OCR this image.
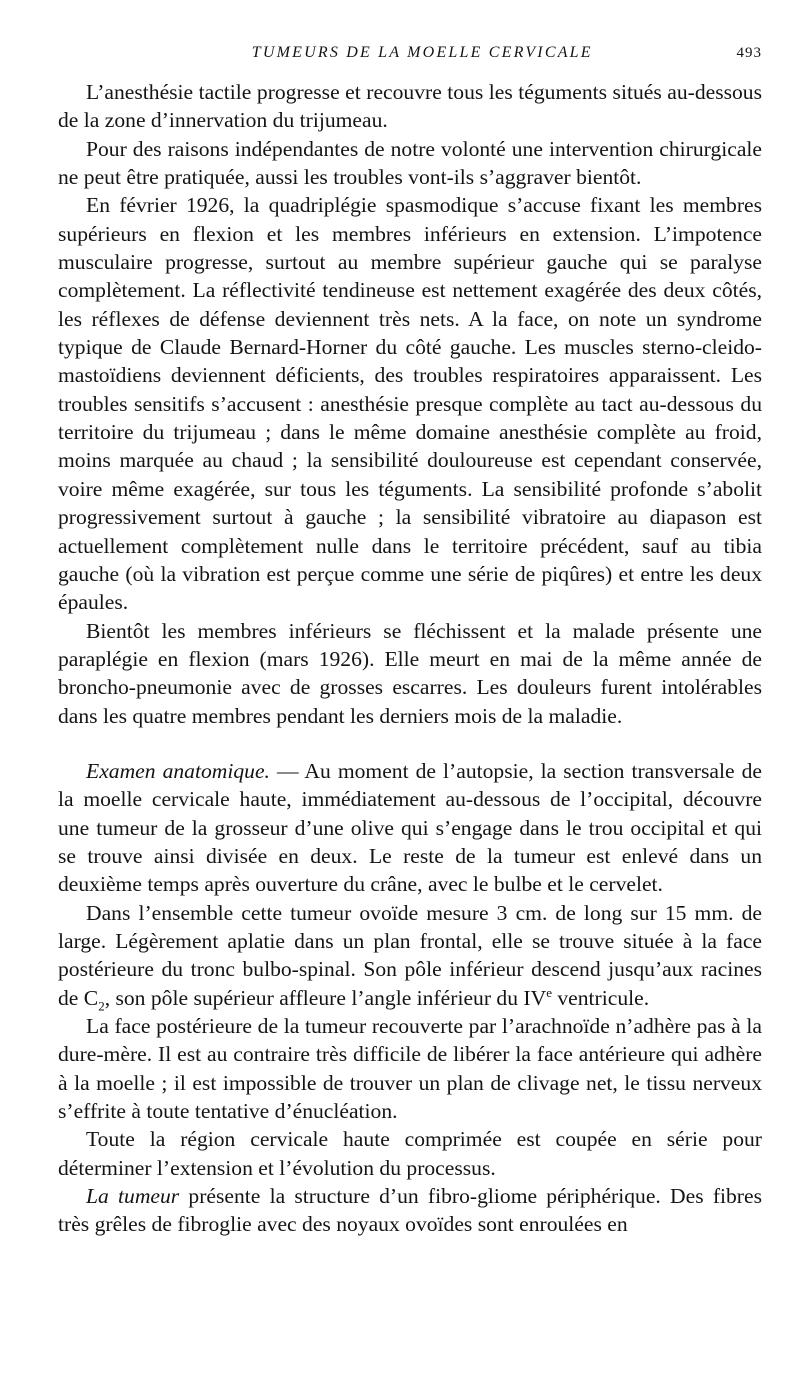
TUMEURS DE LA MOELLE CERVICALE	493

L’anesthésie tactile progresse et recouvre tous les téguments situés au-dessous de la zone d’innervation du trijumeau.

Pour des raisons indépendantes de notre volonté une intervention chirurgicale ne peut être pratiquée, aussi les troubles vont-ils s’aggraver bientôt.

En février 1926, la quadriplégie spasmodique s’accuse fixant les membres supérieurs en flexion et les membres inférieurs en extension. L’impotence musculaire progresse, surtout au membre supérieur gauche qui se paralyse complètement. La réflectivité tendineuse est nettement exagérée des deux côtés, les réflexes de défense deviennent très nets. A la face, on note un syndrome typique de Claude Bernard-Horner du côté gauche. Les muscles sterno-cleido-mastoïdiens deviennent déficients, des troubles respiratoires apparaissent. Les troubles sensitifs s’accusent : anesthésie presque complète au tact au-dessous du territoire du trijumeau ; dans le même domaine anesthésie complète au froid, moins marquée au chaud ; la sensibilité douloureuse est cependant conservée, voire même exagérée, sur tous les téguments. La sensibilité profonde s’abolit progressivement surtout à gauche ; la sensibilité vibratoire au diapason est actuellement complètement nulle dans le territoire précédent, sauf au tibia gauche (où la vibration est perçue comme une série de piqûres) et entre les deux épaules.

Bientôt les membres inférieurs se fléchissent et la malade présente une paraplégie en flexion (mars 1926). Elle meurt en mai de la même année de broncho-pneumonie avec de grosses escarres. Les douleurs furent intolérables dans les quatre membres pendant les derniers mois de la maladie.

Examen anatomique. — Au moment de l’autopsie, la section transversale de la moelle cervicale haute, immédiatement au-dessous de l’occipital, découvre une tumeur de la grosseur d’une olive qui s’engage dans le trou occipital et qui se trouve ainsi divisée en deux. Le reste de la tumeur est enlevé dans un deuxième temps après ouverture du crâne, avec le bulbe et le cervelet.

Dans l’ensemble cette tumeur ovoïde mesure 3 cm. de long sur 15 mm. de large. Légèrement aplatie dans un plan frontal, elle se trouve située à la face postérieure du tronc bulbo-spinal. Son pôle inférieur descend jusqu’aux racines de $C_2$, son pôle supérieur affleure l’angle inférieur du IVe ventricule.

La face postérieure de la tumeur recouverte par l’arachnoïde n’adhère pas à la dure-mère. Il est au contraire très difficile de libérer la face antérieure qui adhère à la moelle ; il est impossible de trouver un plan de clivage net, le tissu nerveux s’effrite à toute tentative d’énucléation.

Toute la région cervicale haute comprimée est coupée en série pour déterminer l’extension et l’évolution du processus.

La tumeur présente la structure d’un fibro-gliome périphérique. Des fibres très grêles de fibroglie avec des noyaux ovoïdes sont enroulées en
